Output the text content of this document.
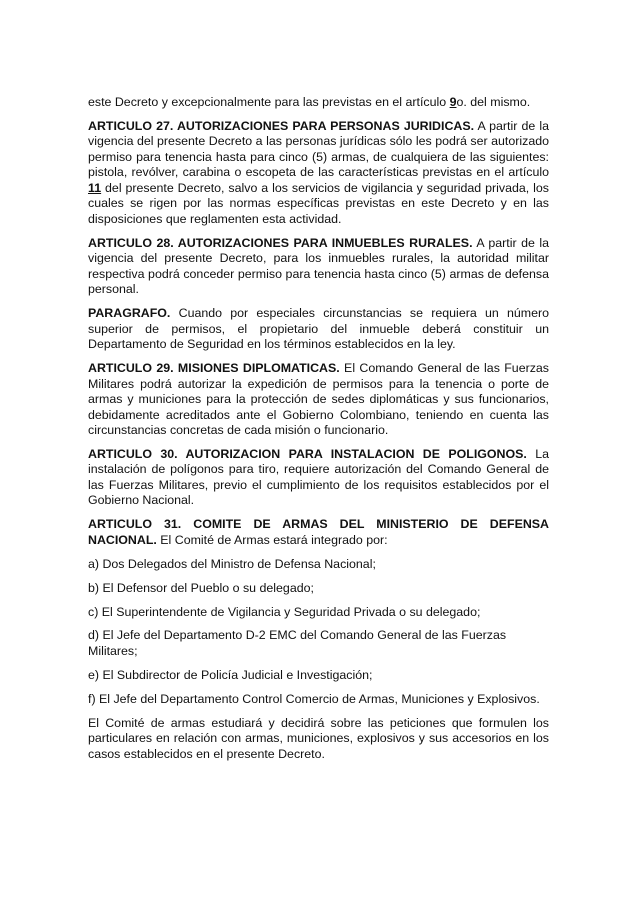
este Decreto y excepcionalmente para las previstas en el artículo 9o. del mismo.

ARTICULO 27. AUTORIZACIONES PARA PERSONAS JURIDICAS. A partir de la vigencia del presente Decreto a las personas jurídicas sólo les podrá ser autorizado permiso para tenencia hasta para cinco (5) armas, de cualquiera de las siguientes: pistola, revólver, carabina o escopeta de las características previstas en el artículo 11 del presente Decreto, salvo a los servicios de vigilancia y seguridad privada, los cuales se rigen por las normas específicas previstas en este Decreto y en las disposiciones que reglamenten esta actividad.

ARTICULO 28. AUTORIZACIONES PARA INMUEBLES RURALES. A partir de la vigencia del presente Decreto, para los inmuebles rurales, la autoridad militar respectiva podrá conceder permiso para tenencia hasta cinco (5) armas de defensa personal.

PARAGRAFO. Cuando por especiales circunstancias se requiera un número superior de permisos, el propietario del inmueble deberá constituir un Departamento de Seguridad en los términos establecidos en la ley.

ARTICULO 29. MISIONES DIPLOMATICAS. El Comando General de las Fuerzas Militares podrá autorizar la expedición de permisos para la tenencia o porte de armas y municiones para la protección de sedes diplomáticas y sus funcionarios, debidamente acreditados ante el Gobierno Colombiano, teniendo en cuenta las circunstancias concretas de cada misión o funcionario.

ARTICULO 30. AUTORIZACION PARA INSTALACION DE POLIGONOS. La instalación de polígonos para tiro, requiere autorización del Comando General de las Fuerzas Militares, previo el cumplimiento de los requisitos establecidos por el Gobierno Nacional.

ARTICULO 31. COMITE DE ARMAS DEL MINISTERIO DE DEFENSA NACIONAL. El Comité de Armas estará integrado por:

a) Dos Delegados del Ministro de Defensa Nacional;

b) El Defensor del Pueblo o su delegado;

c) El Superintendente de Vigilancia y Seguridad Privada o su delegado;

d) El Jefe del Departamento D-2 EMC del Comando General de las Fuerzas Militares;

e) El Subdirector de Policía Judicial e Investigación;

f) El Jefe del Departamento Control Comercio de Armas, Municiones y Explosivos.

El Comité de armas estudiará y decidirá sobre las peticiones que formulen los particulares en relación con armas, municiones, explosivos y sus accesorios en los casos establecidos en el presente Decreto.
